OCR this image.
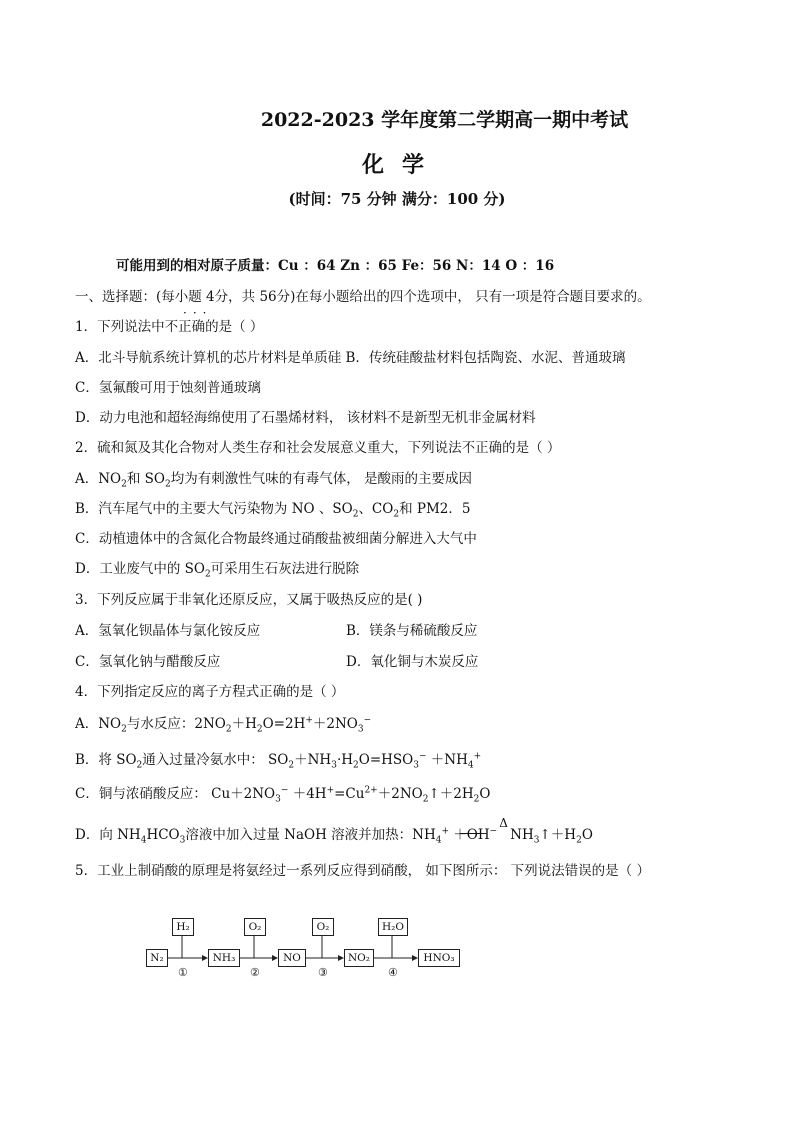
2022-2023 学年度第二学期高一期中考试
化学
(时间：75 分钟 满分：100 分)
可能用到的相对原子质量：Cu ：64 Zn ：65 Fe：56 N：14 O ：16
一、选择题：(每小题 4分，共 56分)在每小题给出的四个选项中， 只有一项是符合题目要求的。
1．下列说法中不正确的是（ ）
···
A．北斗导航系统计算机的芯片材料是单质硅 B．传统硅酸盐材料包括陶瓷、水泥、普通玻璃
C．氢氟酸可用于蚀刻普通玻璃
D．动力电池和超轻海绵使用了石墨烯材料， 该材料不是新型无机非金属材料
2．硫和氮及其化合物对人类生存和社会发展意义重大，下列说法不正确的是（ ）
A．$NO_2$和 $SO_2$均为有刺激性气味的有毒气体， 是酸雨的主要成因
B．汽车尾气中的主要大气污染物为 NO 、$SO_2$、$CO_2$和 PM2．5
C．动植遗体中的含氮化合物最终通过硝酸盐被细菌分解进入大气中
D．工业废气中的 $SO_2$可采用生石灰法进行脱除
3．下列反应属于非氧化还原反应，又属于吸热反应的是( )
A．氢氧化钡晶体与氯化铵反应	B．镁条与稀硫酸反应
C．氢氧化钠与醋酸反应	D．氧化铜与木炭反应
4．下列指定反应的离子方程式正确的是（ ）
A．$NO_2$与水反应：$2NO_2+H_2O=2H^++2NO_3^-$
B．将 $SO_2$通入过量冷氨水中： $SO_2+NH_3\cdot H_2O=HSO_3^- +NH_4^+$
C．铜与浓硝酸反应： $Cu+2NO_3^-$ $+4H^+=Cu^{2+}+2NO_2↑+2H_2O$
D．向 $NH_4HCO_3$溶液中加入过量 NaOH 溶液并加热：$NH_4^+ +OH^-\Delta$ $NH_3↑+H_2O$
5．工业上制硝酸的原理是将氨经过一系列反应得到硝酸， 如下图所示： 下列说法错误的是（ ）
H₂	O₂	O₂	H₂O
N₂	NH₃	NO	NO₂	HNO₃
①	②	③	④
